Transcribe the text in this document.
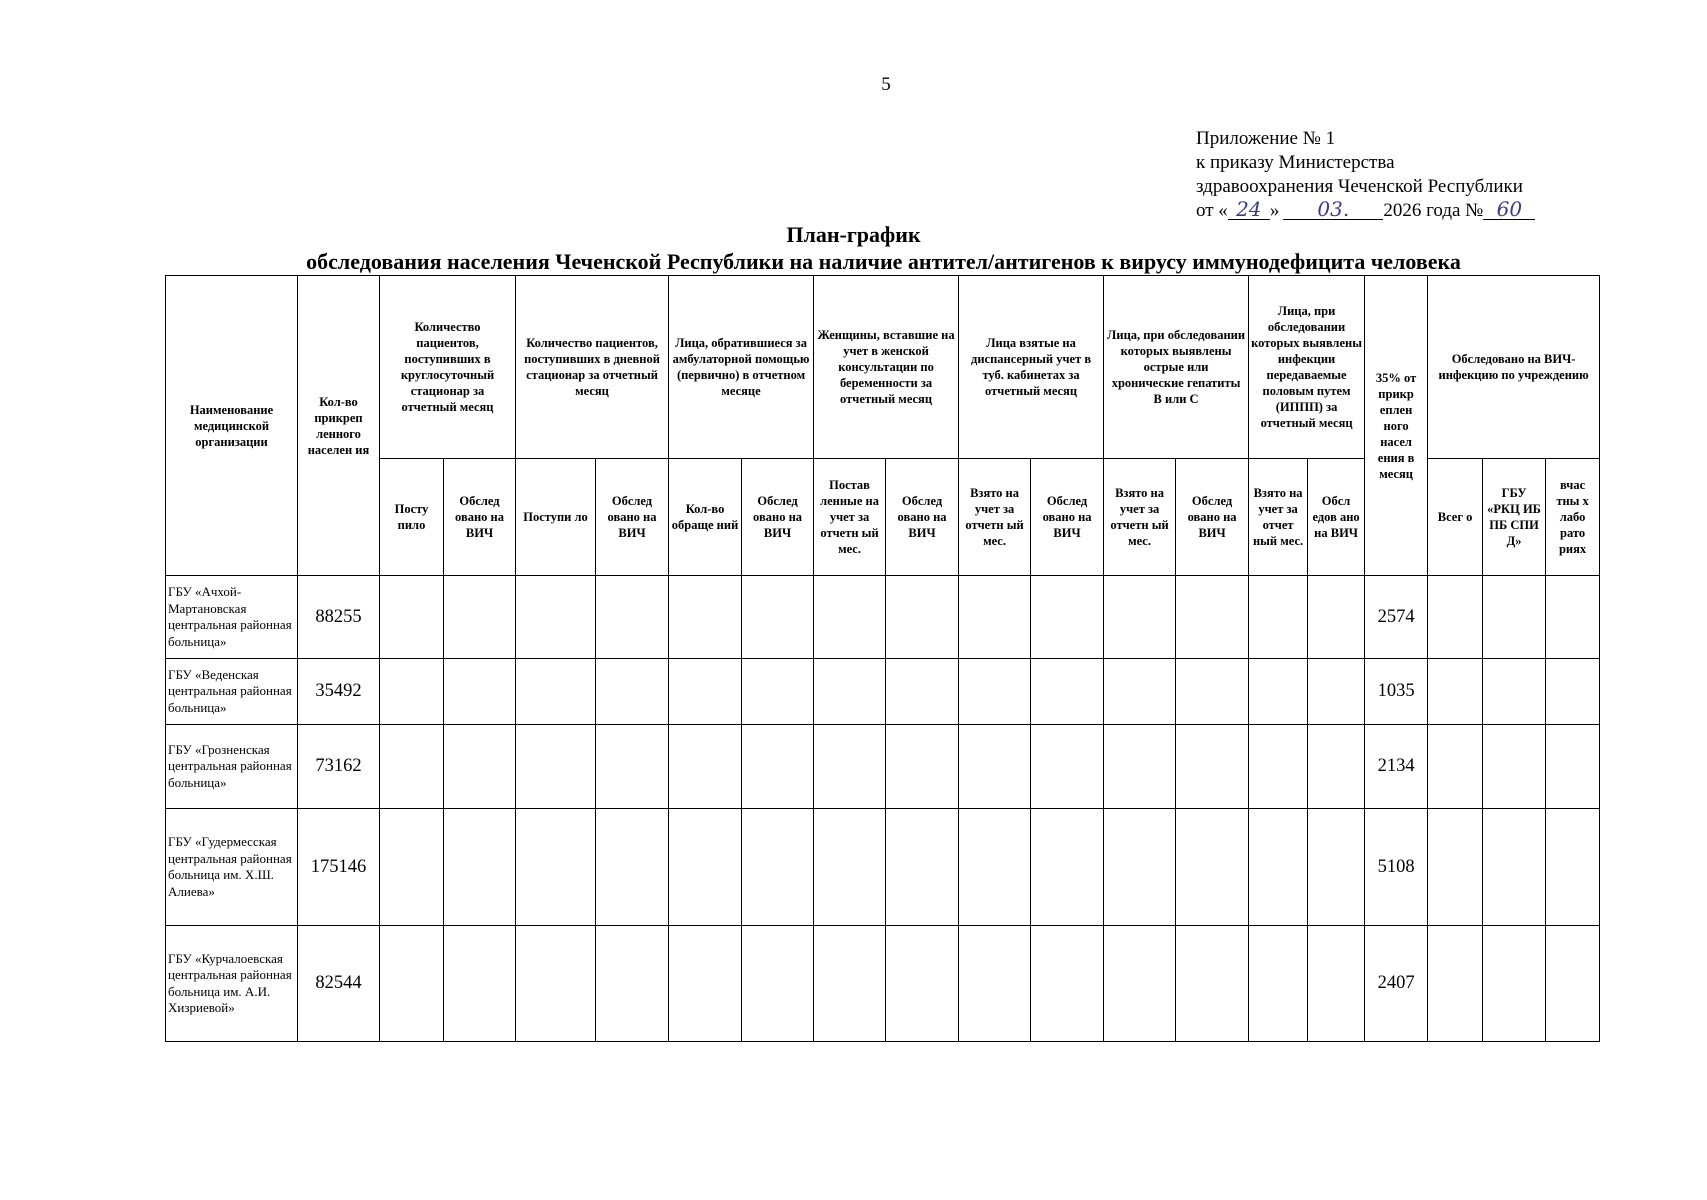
5
Приложение № 1
к приказу Министерства
здравоохранения Чеченской Республики
от « 24 » 03. 2026 года № 60
План-график
обследования населения Чеченской Республики на наличие антител/антигенов к вирусу иммунодефицита человека
Наименование медицинской организации	Кол-во прикреп ленного населен ия	Количество пациентов, поступивших в круглосуточный стационар за отчетный месяц		Количество пациентов, поступивших в дневной стационар за отчетный месяц		Лица, обратившиеся за амбулаторной помощью (первично) в отчетном месяце		Женщины, вставшие на учет в женской консультации по беременности за отчетный месяц		Лица взятые на диспансерный учет в туб. кабинетах за отчетный месяц		Лица, при обследовании которых выявлены острые или хронические гепатиты В или С		Лица, при обследовании которых выявлены инфекции передаваемые половым путем (ИППП) за отчетный месяц		35% от прикр еплен ного насел ения в месяц	Обследовано на ВИЧ-инфекцию по учреждению		
		Посту пило	Обслед овано на ВИЧ	Поступи ло	Обслед овано на ВИЧ	Кол-во обраще ний	Обслед овано на ВИЧ	Постав ленные на учет за отчетн ый мес.	Обслед овано на ВИЧ	Взято на учет за отчетн ый мес.	Обслед овано на ВИЧ	Взято на учет за отчетн ый мес.	Обслед овано на ВИЧ	Взято на учет за отчет ный мес.	Обсл едов ано на ВИЧ		Всег о	ГБУ «РКЦ ИБ ПБ СПИ Д»	вчас тны х лабо рато риях
ГБУ «Ачхой-Мартановская центральная районная больница»	88255															2574			
ГБУ «Веденская центральная районная больница»	35492															1035			
ГБУ «Грозненская центральная районная больница»	73162															2134			
ГБУ «Гудермесская центральная районная больница им. Х.Ш. Алиева»	175146															5108			
ГБУ «Курчалоевская центральная районная больница им. А.И. Хизриевой»	82544															2407			
